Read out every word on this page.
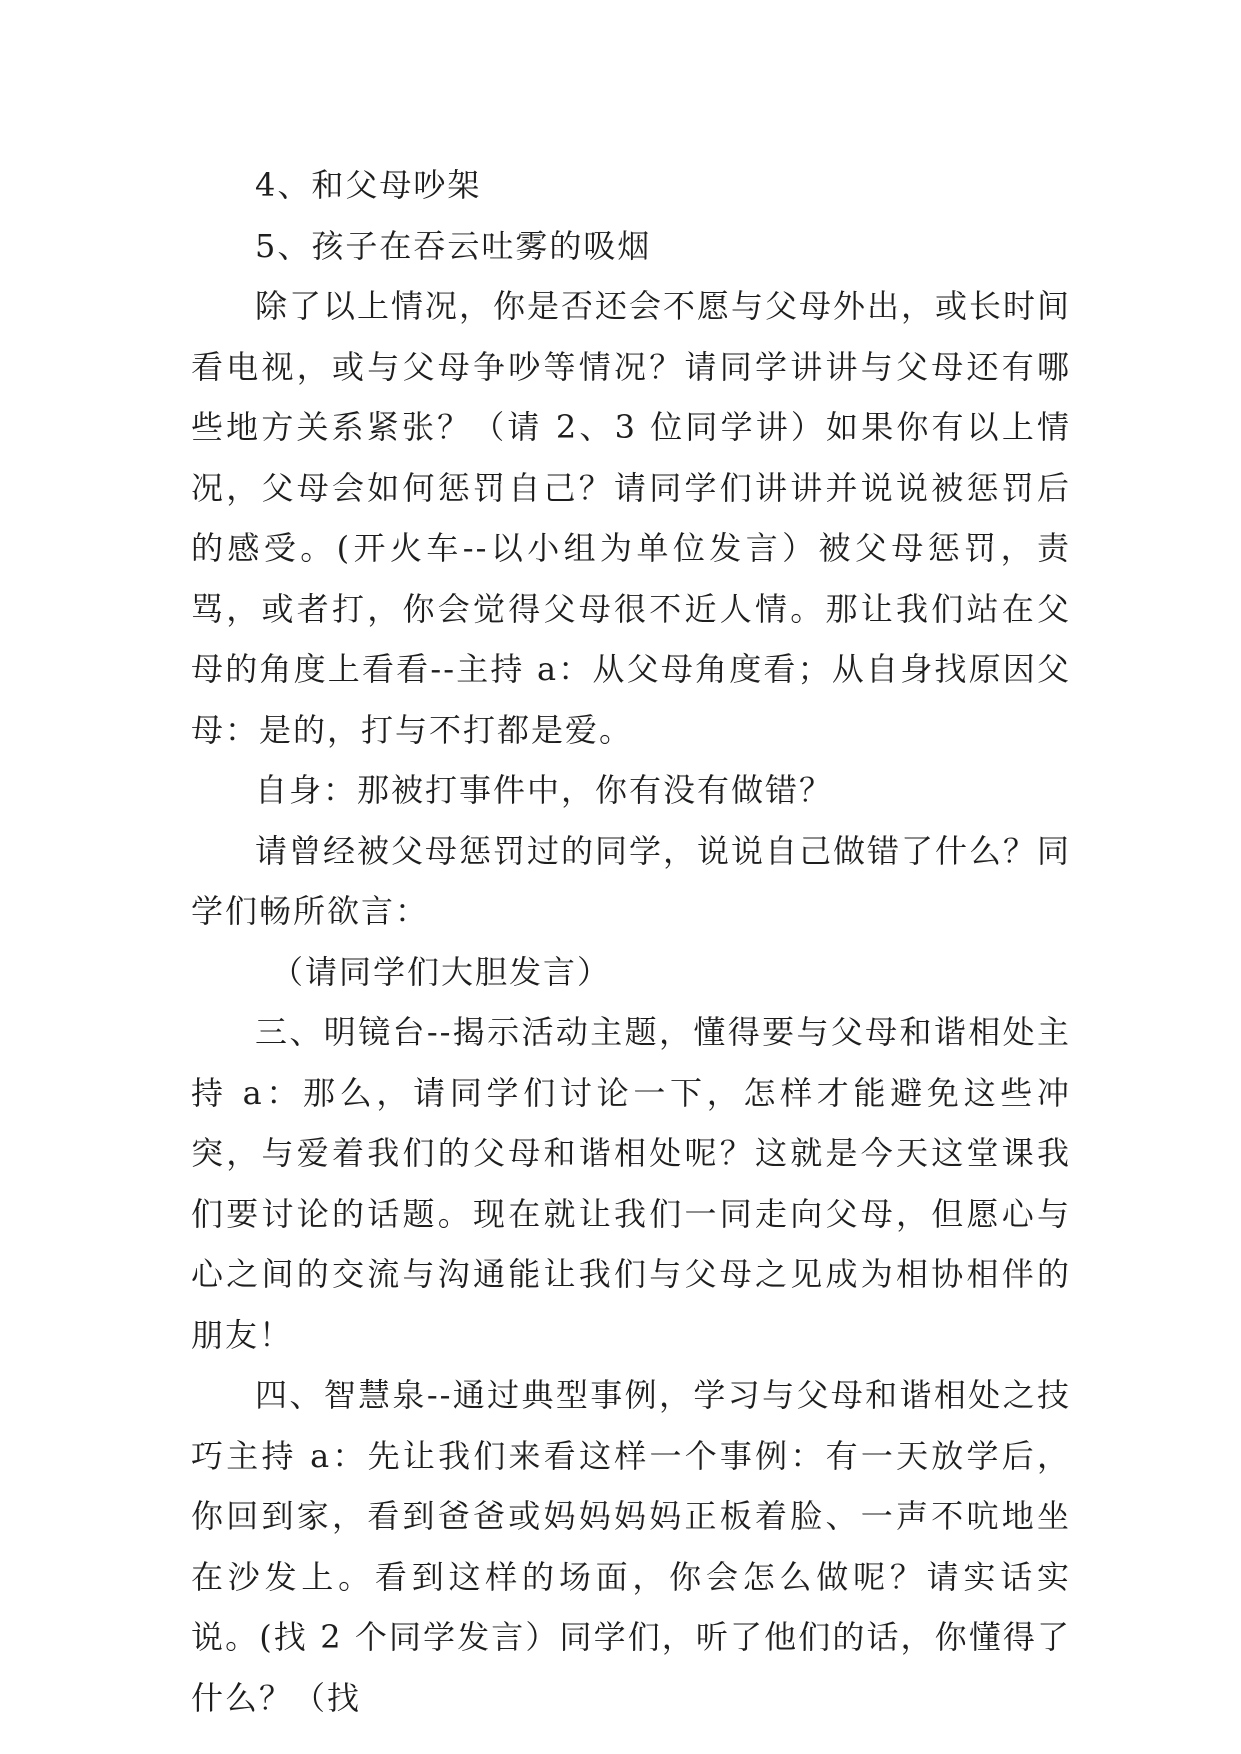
4、和父母吵架

5、孩子在吞云吐雾的吸烟

除了以上情况，你是否还会不愿与父母外出，或长时间看电视，或与父母争吵等情况？请同学讲讲与父母还有哪些地方关系紧张？（请 2、3 位同学讲）如果你有以上情况，父母会如何惩罚自己？请同学们讲讲并说说被惩罚后的感受。(开火车--以小组为单位发言）被父母惩罚，责骂，或者打，你会觉得父母很不近人情。那让我们站在父母的角度上看看--主持 a：从父母角度看；从自身找原因父母：是的，打与不打都是爱。

自身：那被打事件中，你有没有做错？

请曾经被父母惩罚过的同学，说说自己做错了什么？同学们畅所欲言：

（请同学们大胆发言）

三、明镜台--揭示活动主题，懂得要与父母和谐相处主持 a：那么，请同学们讨论一下，怎样才能避免这些冲突，与爱着我们的父母和谐相处呢？这就是今天这堂课我们要讨论的话题。现在就让我们一同走向父母，但愿心与心之间的交流与沟通能让我们与父母之见成为相协相伴的朋友！

四、智慧泉--通过典型事例，学习与父母和谐相处之技巧主持 a：先让我们来看这样一个事例：有一天放学后，你回到家，看到爸爸或妈妈妈妈正板着脸、一声不吭地坐在沙发上。看到这样的场面，你会怎么做呢？请实话实说。(找 2 个同学发言）同学们，听了他们的话，你懂得了什么？（找
